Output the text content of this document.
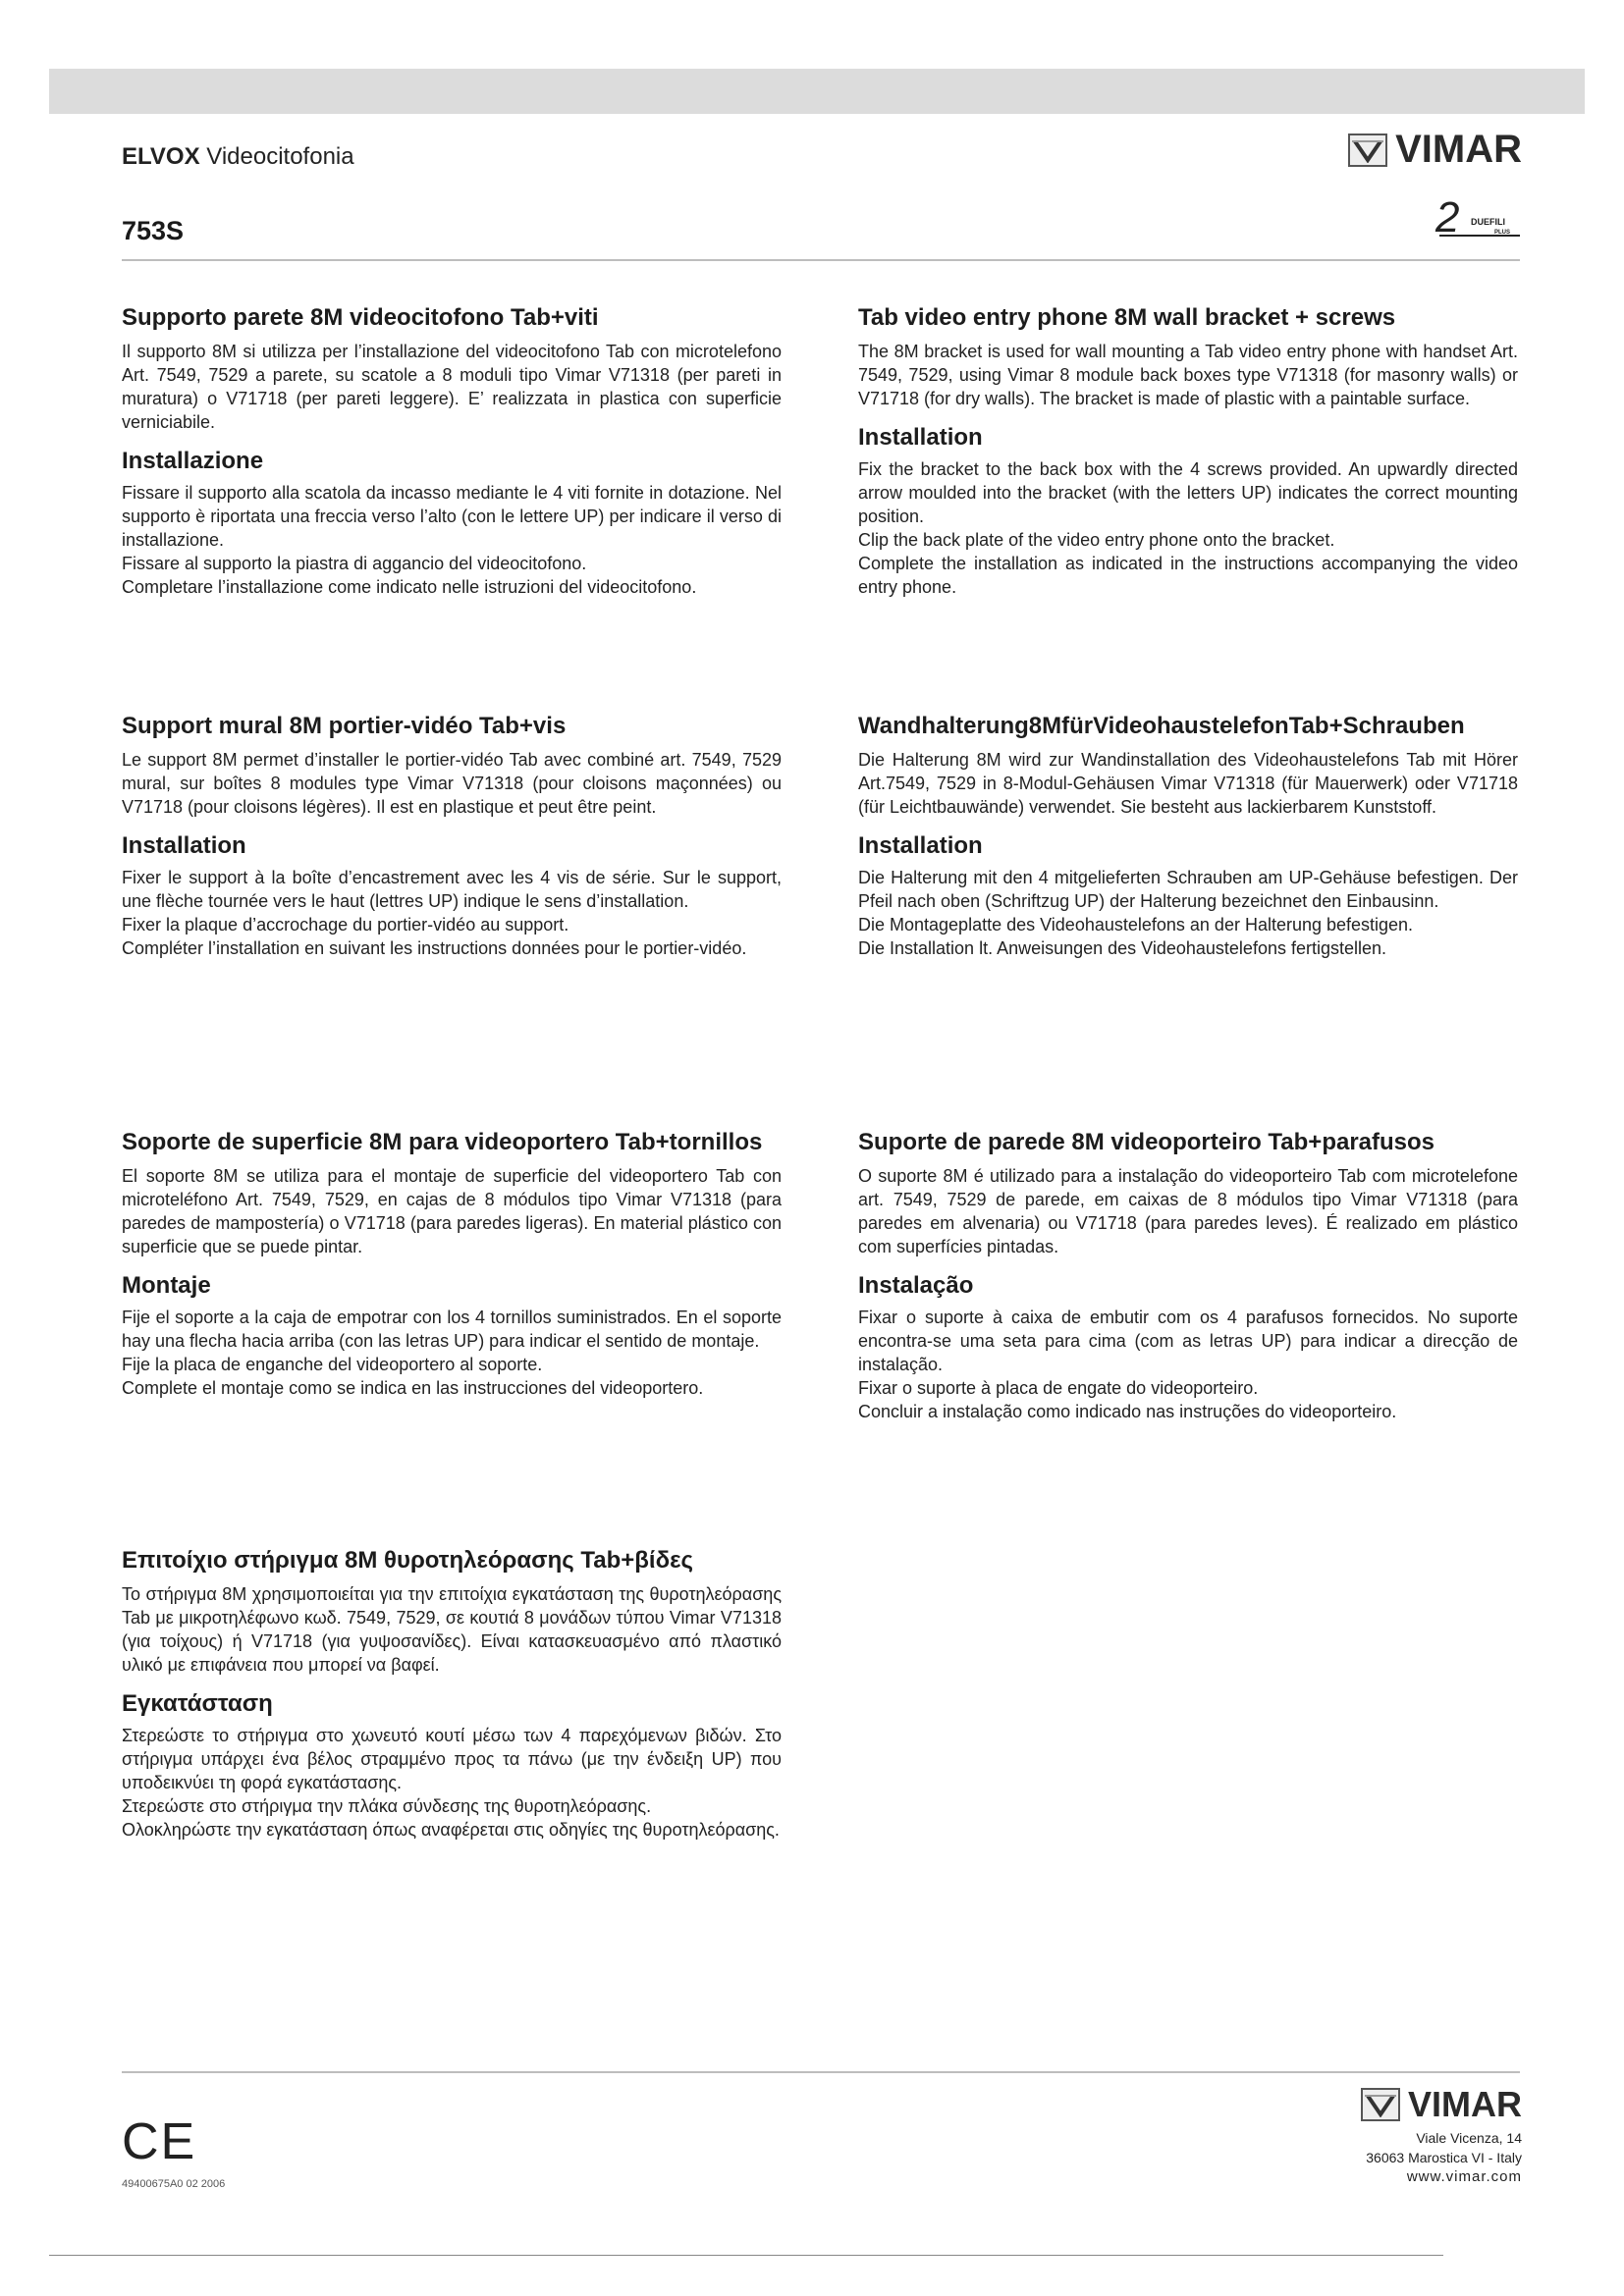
ELVOX Videocitofonia
753S
VIMAR
2 DUEFILI
PLUS
Supporto parete 8M videocitofono Tab+viti

Il supporto 8M si utilizza per l’installazione del videocitofono Tab con microtelefono Art. 7549, 7529 a parete, su scatole a 8 moduli tipo Vimar V71318 (per pareti in muratura) o V71718 (per pareti leggere). E’ realizzata in plastica con superficie verniciabile.

Installazione

Fissare il supporto alla scatola da incasso mediante le 4 viti fornite in dotazione. Nel supporto è riportata una freccia verso l’alto (con le lettere UP) per indicare il verso di installazione.

Fissare al supporto la piastra di aggancio del videocitofono.

Completare l’installazione come indicato nelle istruzioni del videocitofono.

Tab video entry phone 8M wall bracket + screws

The 8M bracket is used for wall mounting a Tab video entry phone with handset Art. 7549, 7529, using Vimar 8 module back boxes type V71318 (for masonry walls) or V71718 (for dry walls). The bracket is made of plastic with a paintable surface.

Installation

Fix the bracket to the back box with the 4 screws provided. An upwardly directed arrow moulded into the bracket (with the letters UP) indicates the correct mounting position.

Clip the back plate of the video entry phone onto the bracket.

Complete the installation as indicated in the instructions accompanying the video entry phone.

Support mural 8M portier-vidéo Tab+vis

Le support 8M permet d’installer le portier-vidéo Tab avec combiné art. 7549, 7529 mural, sur boîtes 8 modules type Vimar V71318 (pour cloisons maçonnées) ou V71718 (pour cloisons légères). Il est en plastique et peut être peint.

Installation

Fixer le support à la boîte d’encastrement avec les 4 vis de série. Sur le support, une flèche tournée vers le haut (lettres UP) indique le sens d’installation.

Fixer la plaque d’accrochage du portier-vidéo au support.

Compléter l’installation en suivant les instructions données pour le portier-vidéo.

Wandhalterung8MfürVideohaustelefonTab+Schrauben

Die Halterung 8M wird zur Wandinstallation des Videohaustelefons Tab mit Hörer Art.7549, 7529 in 8-Modul-Gehäusen Vimar V71318 (für Mauerwerk) oder V71718 (für Leichtbauwände) verwendet. Sie besteht aus lackierbarem Kunststoff.

Installation

Die Halterung mit den 4 mitgelieferten Schrauben am UP-Gehäuse befestigen. Der Pfeil nach oben (Schriftzug UP) der Halterung bezeichnet den Einbausinn.

Die Montageplatte des Videohaustelefons an der Halterung befestigen.

Die Installation lt. Anweisungen des Videohaustelefons fertigstellen.

Soporte de superficie 8M para videoportero Tab+tornillos

El soporte 8M se utiliza para el montaje de superficie del videoportero Tab con microteléfono Art. 7549, 7529, en cajas de 8 módulos tipo Vimar V71318 (para paredes de mampostería) o V71718 (para paredes ligeras). En material plástico con superficie que se puede pintar.

Montaje

Fije el soporte a la caja de empotrar con los 4 tornillos suministrados. En el soporte hay una flecha hacia arriba (con las letras UP) para indicar el sentido de montaje.

Fije la placa de enganche del videoportero al soporte.

Complete el montaje como se indica en las instrucciones del videoportero.

Suporte de parede 8M videoporteiro Tab+parafusos

O suporte 8M é utilizado para a instalação do videoporteiro Tab com microtelefone art. 7549, 7529 de parede, em caixas de 8 módulos tipo Vimar V71318 (para paredes em alvenaria) ou V71718 (para paredes leves). É realizado em plástico com superfícies pintadas.

Instalação

Fixar o suporte à caixa de embutir com os 4 parafusos fornecidos. No suporte encontra-se uma seta para cima (com as letras UP) para indicar a direcção de instalação.

Fixar o suporte à placa de engate do videoporteiro.

Concluir a instalação como indicado nas instruções do videoporteiro.

Επιτοίχιο στήριγμα 8M θυροτηλεόρασης Tab+βίδες

Το στήριγμα 8M χρησιμοποιείται για την επιτοίχια εγκατάσταση της θυροτηλεόρασης Tab με μικροτηλέφωνο κωδ. 7549, 7529, σε κουτιά 8 μονάδων τύπου Vimar V71318 (για τοίχους) ή V71718 (για γυψοσανίδες). Είναι κατασκευασμένο από πλαστικό υλικό με επιφάνεια που μπορεί να βαφεί.

Εγκατάσταση

Στερεώστε το στήριγμα στο χωνευτό κουτί μέσω των 4 παρεχόμενων βιδών. Στο στήριγμα υπάρχει ένα βέλος στραμμένο προς τα πάνω (με την ένδειξη UP) που υποδεικνύει τη φορά εγκατάστασης.

Στερεώστε στο στήριγμα την πλάκα σύνδεσης της θυροτηλεόρασης.

Ολοκληρώστε την εγκατάσταση όπως αναφέρεται στις οδηγίες της θυροτηλεόρασης.

CE
49400675A0 02 2006
VIMAR
Viale Vicenza, 14
36063 Marostica VI - Italy
www.vimar.com
